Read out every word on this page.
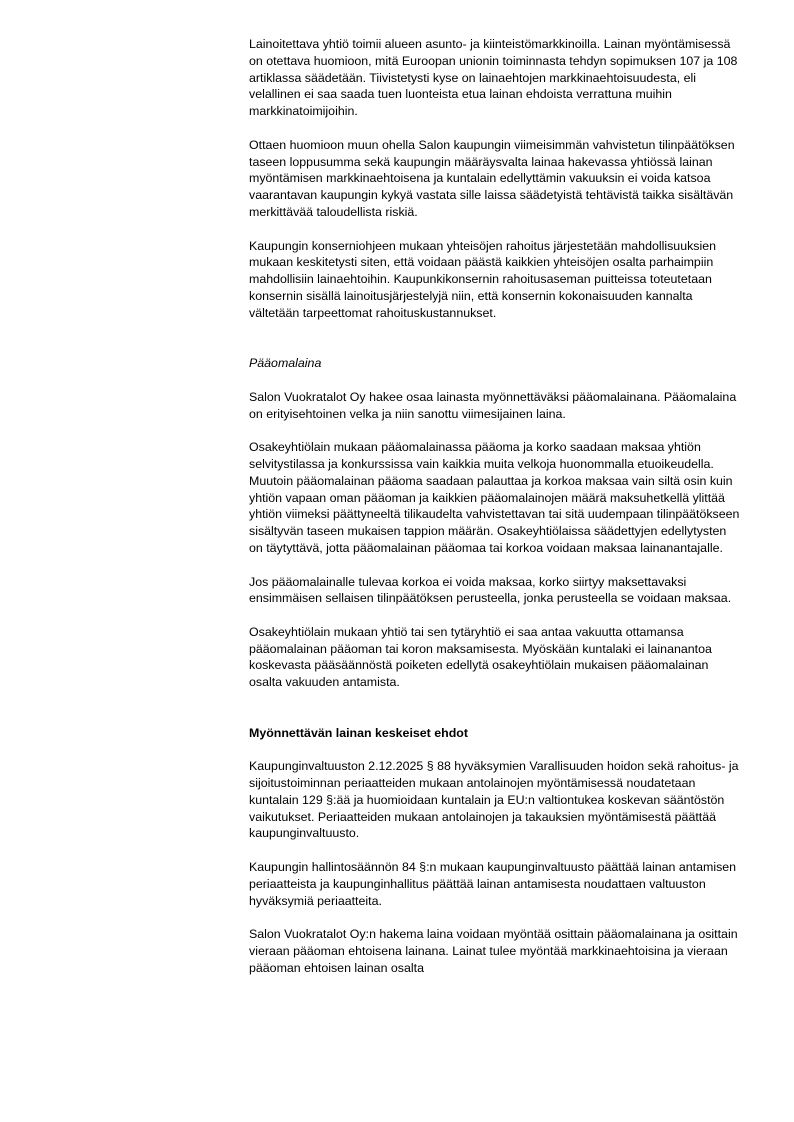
Lainoitettava yhtiö toimii alueen asunto- ja kiinteistömarkkinoilla. Lainan myöntämisessä on otettava huomioon, mitä Euroopan unionin toiminnasta tehdyn sopimuksen 107 ja 108 artiklassa säädetään. Tiivistetysti kyse on lainaehtojen markkinaehtoisuudesta, eli velallinen ei saa saada tuen luonteista etua lainan ehdoista verrattuna muihin markkinatoimijoihin.

Ottaen huomioon muun ohella Salon kaupungin viimeisimmän vahvistetun tilinpäätöksen taseen loppusumma sekä kaupungin määräysvalta lainaa hakevassa yhtiössä lainan myöntämisen markkinaehtoisena ja kuntalain edellyttämin vakuuksin ei voida katsoa vaarantavan kaupungin kykyä vastata sille laissa säädetyistä tehtävistä taikka sisältävän merkittävää taloudellista riskiä.

Kaupungin konserniohjeen mukaan yhteisöjen rahoitus järjestetään mahdollisuuksien mukaan keskitetysti siten, että voidaan päästä kaikkien yhteisöjen osalta parhaimpiin mahdollisiin lainaehtoihin. Kaupunkikonsernin rahoitusaseman puitteissa toteutetaan konsernin sisällä lainoitusjärjestelyjä niin, että konsernin kokonaisuuden kannalta vältetään tarpeettomat rahoituskustannukset.

Pääomalaina

Salon Vuokratalot Oy hakee osaa lainasta myönnettäväksi pääomalainana. Pääomalaina on erityisehtoinen velka ja niin sanottu viimesijainen laina.

Osakeyhtiölain mukaan pääomalainassa pääoma ja korko saadaan maksaa yhtiön selvitystilassa ja konkurssissa vain kaikkia muita velkoja huonommalla etuoikeudella. Muutoin pääomalainan pääoma saadaan palauttaa ja korkoa maksaa vain siltä osin kuin yhtiön vapaan oman pääoman ja kaikkien pääomalainojen määrä maksuhetkellä ylittää yhtiön viimeksi päättyneeltä tilikaudelta vahvistettavan tai sitä uudempaan tilinpäätökseen sisältyvän taseen mukaisen tappion määrän. Osakeyhtiölaissa säädettyjen edellytysten on täytyttävä, jotta pääomalainan pääomaa tai korkoa voidaan maksaa lainanantajalle.

Jos pääomalainalle tulevaa korkoa ei voida maksaa, korko siirtyy maksettavaksi ensimmäisen sellaisen tilinpäätöksen perusteella, jonka perusteella se voidaan maksaa.

Osakeyhtiölain mukaan yhtiö tai sen tytäryhtiö ei saa antaa vakuutta ottamansa pääomalainan pääoman tai koron maksamisesta. Myöskään kuntalaki ei lainanantoa koskevasta pääsäännöstä poiketen edellytä osakeyhtiölain mukaisen pääomalainan osalta vakuuden antamista.

Myönnettävän lainan keskeiset ehdot

Kaupunginvaltuuston 2.12.2025 § 88 hyväksymien Varallisuuden hoidon sekä rahoitus- ja sijoitustoiminnan periaatteiden mukaan antolainojen myöntämisessä noudatetaan kuntalain 129 §:ää ja huomioidaan kuntalain ja EU:n valtiontukea koskevan sääntöstön vaikutukset. Periaatteiden mukaan antolainojen ja takauksien myöntämisestä päättää kaupunginvaltuusto.

Kaupungin hallintosäännön 84 §:n mukaan kaupunginvaltuusto päättää lainan antamisen periaatteista ja kaupunginhallitus päättää lainan antamisesta noudattaen valtuuston hyväksymiä periaatteita.

Salon Vuokratalot Oy:n hakema laina voidaan myöntää osittain pääomalainana ja osittain vieraan pääoman ehtoisena lainana. Lainat tulee myöntää markkinaehtoisina ja vieraan pääoman ehtoisen lainan osalta
